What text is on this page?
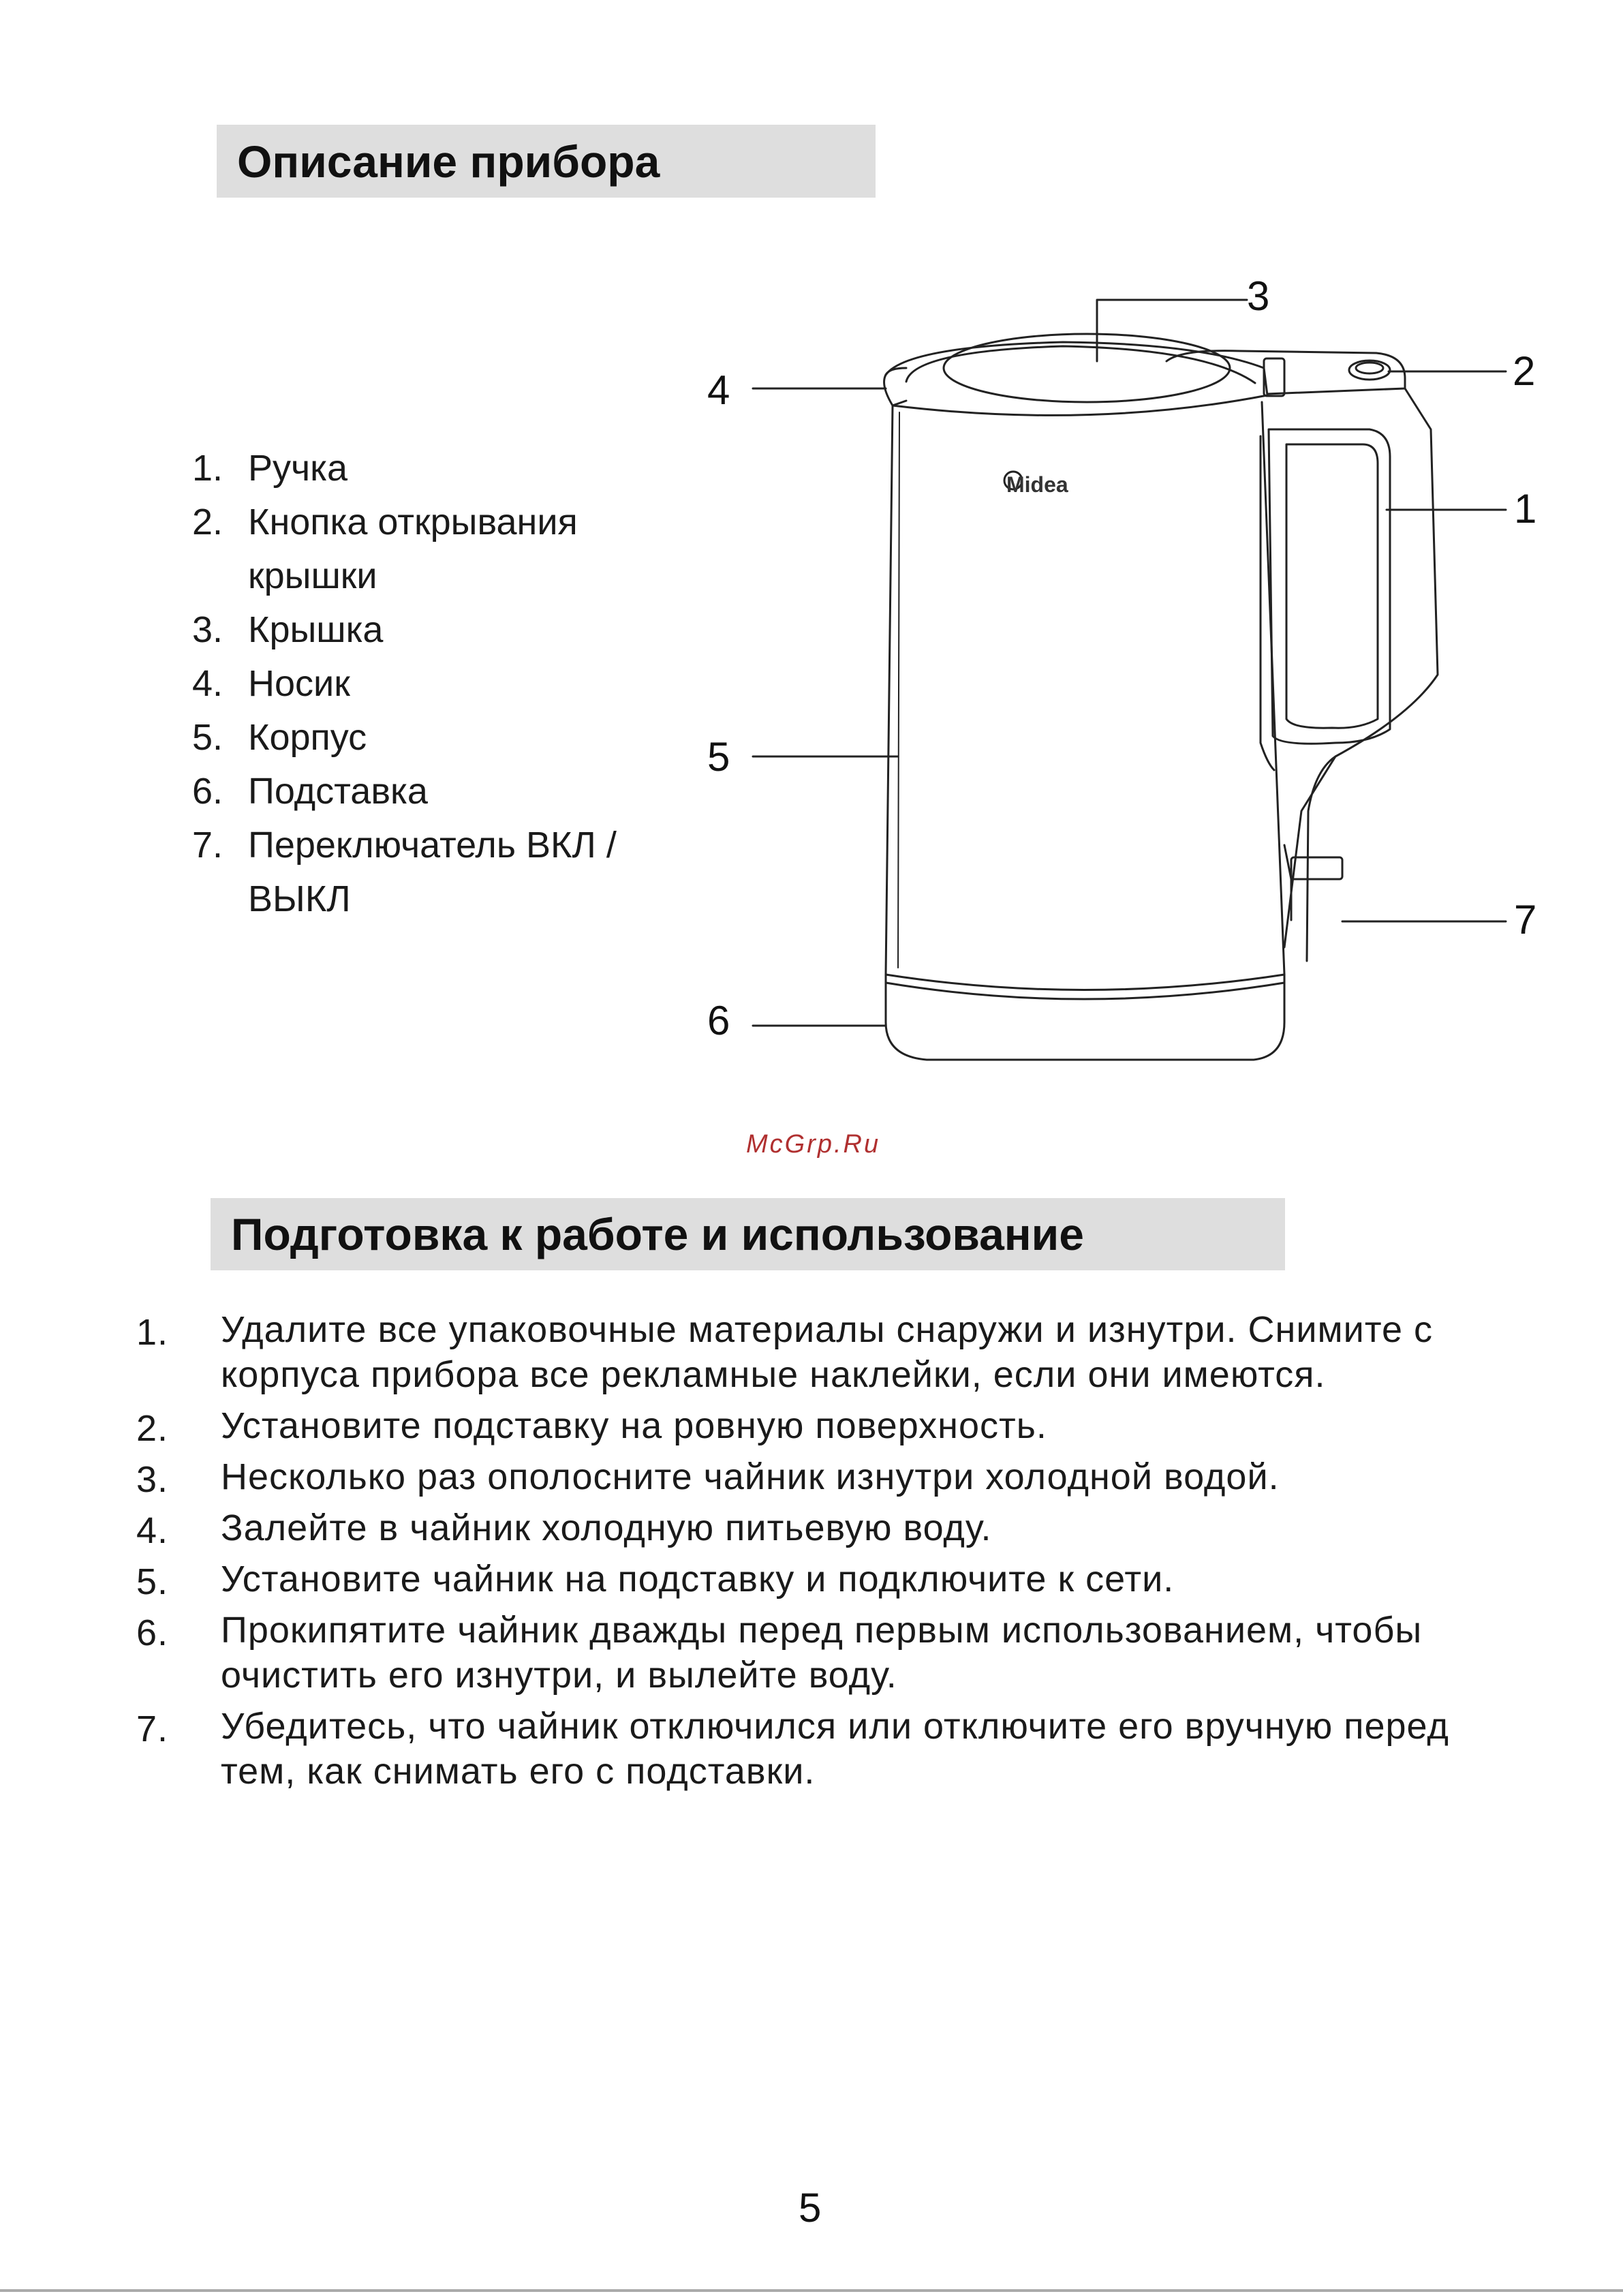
Описание прибора
1. Ручка
2. Кнопка открывания крышки
3. Крышка
4. Носик
5. Корпус
6. Подставка
7. Переключатель ВКЛ / ВЫКЛ
3
2
4
1
5
7
6
Midea
McGrp.Ru
Подготовка к работе и использование
1. Удалите все упаковочные материалы снаружи и изнутри. Снимите с корпуса прибора все рекламные наклейки, если они имеются.
2. Установите подставку на ровную поверхность.
3. Несколько раз ополосните чайник изнутри холодной водой.
4. Залейте в чайник холодную питьевую воду.
5. Установите чайник на подставку и подключите к сети.
6. Прокипятите чайник дважды перед первым использованием, чтобы очистить его изнутри, и вылейте воду.
7. Убедитесь, что чайник отключился или отключите его вручную перед тем, как снимать его с подставки.
5
